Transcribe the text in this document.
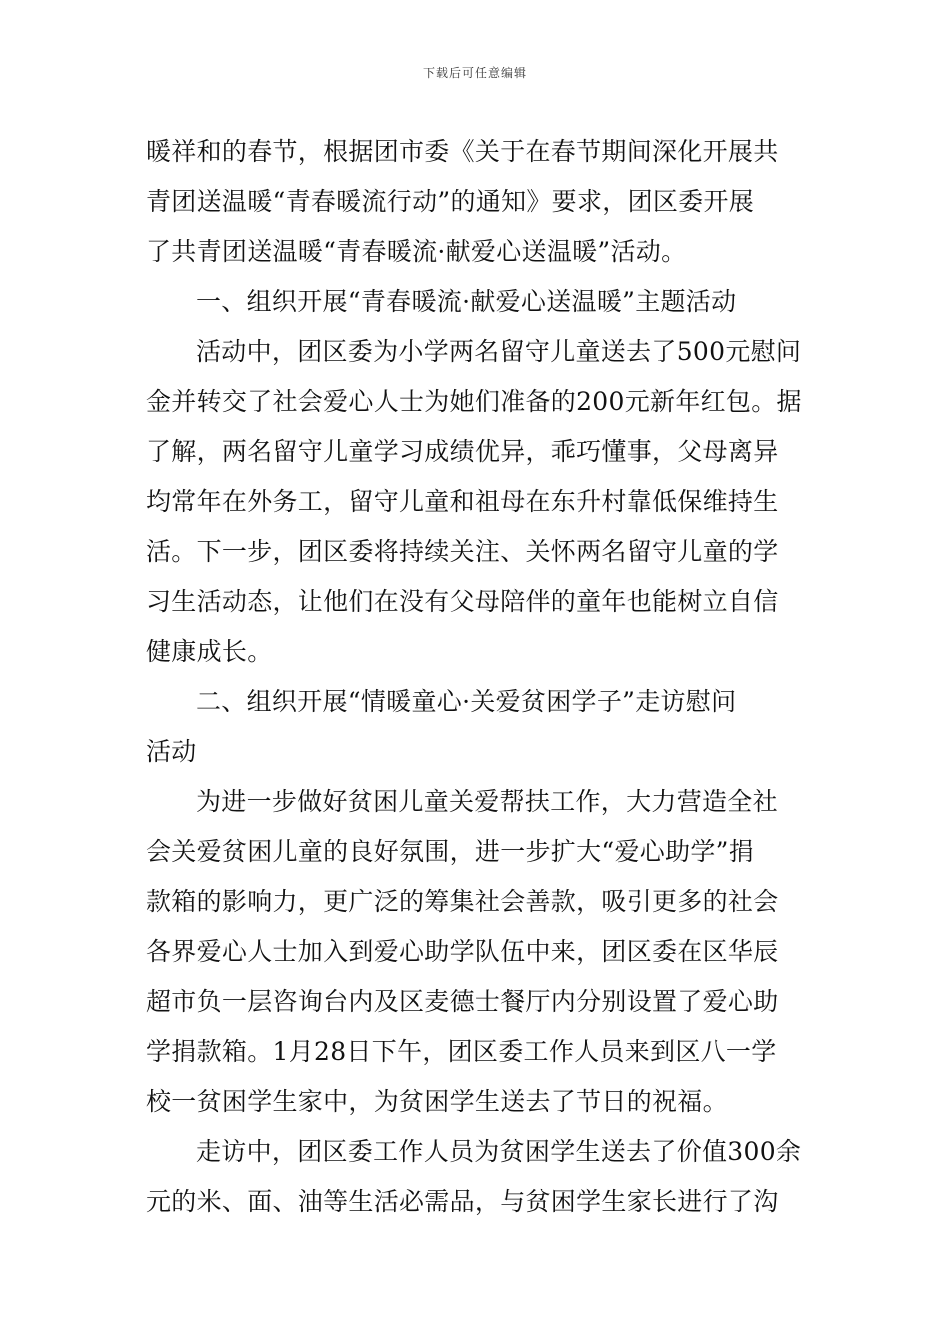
下载后可任意编辑
暖祥和的春节，根据团市委《关于在春节期间深化开展共
青团送温暖“青春暖流行动”的通知》要求，团区委开展
了共青团送温暖“青春暖流·献爱心送温暖”活动。
一、组织开展“青春暖流·献爱心送温暖”主题活动
活动中，团区委为小学两名留守儿童送去了500元慰问
金并转交了社会爱心人士为她们准备的200元新年红包。据
了解，两名留守儿童学习成绩优异，乖巧懂事，父母离异
均常年在外务工，留守儿童和祖母在东升村靠低保维持生
活。下一步，团区委将持续关注、关怀两名留守儿童的学
习生活动态，让他们在没有父母陪伴的童年也能树立自信
健康成长。
二、组织开展“情暖童心·关爱贫困学子”走访慰问
活动
为进一步做好贫困儿童关爱帮扶工作，大力营造全社
会关爱贫困儿童的良好氛围，进一步扩大“爱心助学”捐
款箱的影响力，更广泛的筹集社会善款，吸引更多的社会
各界爱心人士加入到爱心助学队伍中来，团区委在区华辰
超市负一层咨询台内及区麦德士餐厅内分别设置了爱心助
学捐款箱。1月28日下午，团区委工作人员来到区八一学
校一贫困学生家中，为贫困学生送去了节日的祝福。
走访中，团区委工作人员为贫困学生送去了价值300余
元的米、面、油等生活必需品，与贫困学生家长进行了沟
